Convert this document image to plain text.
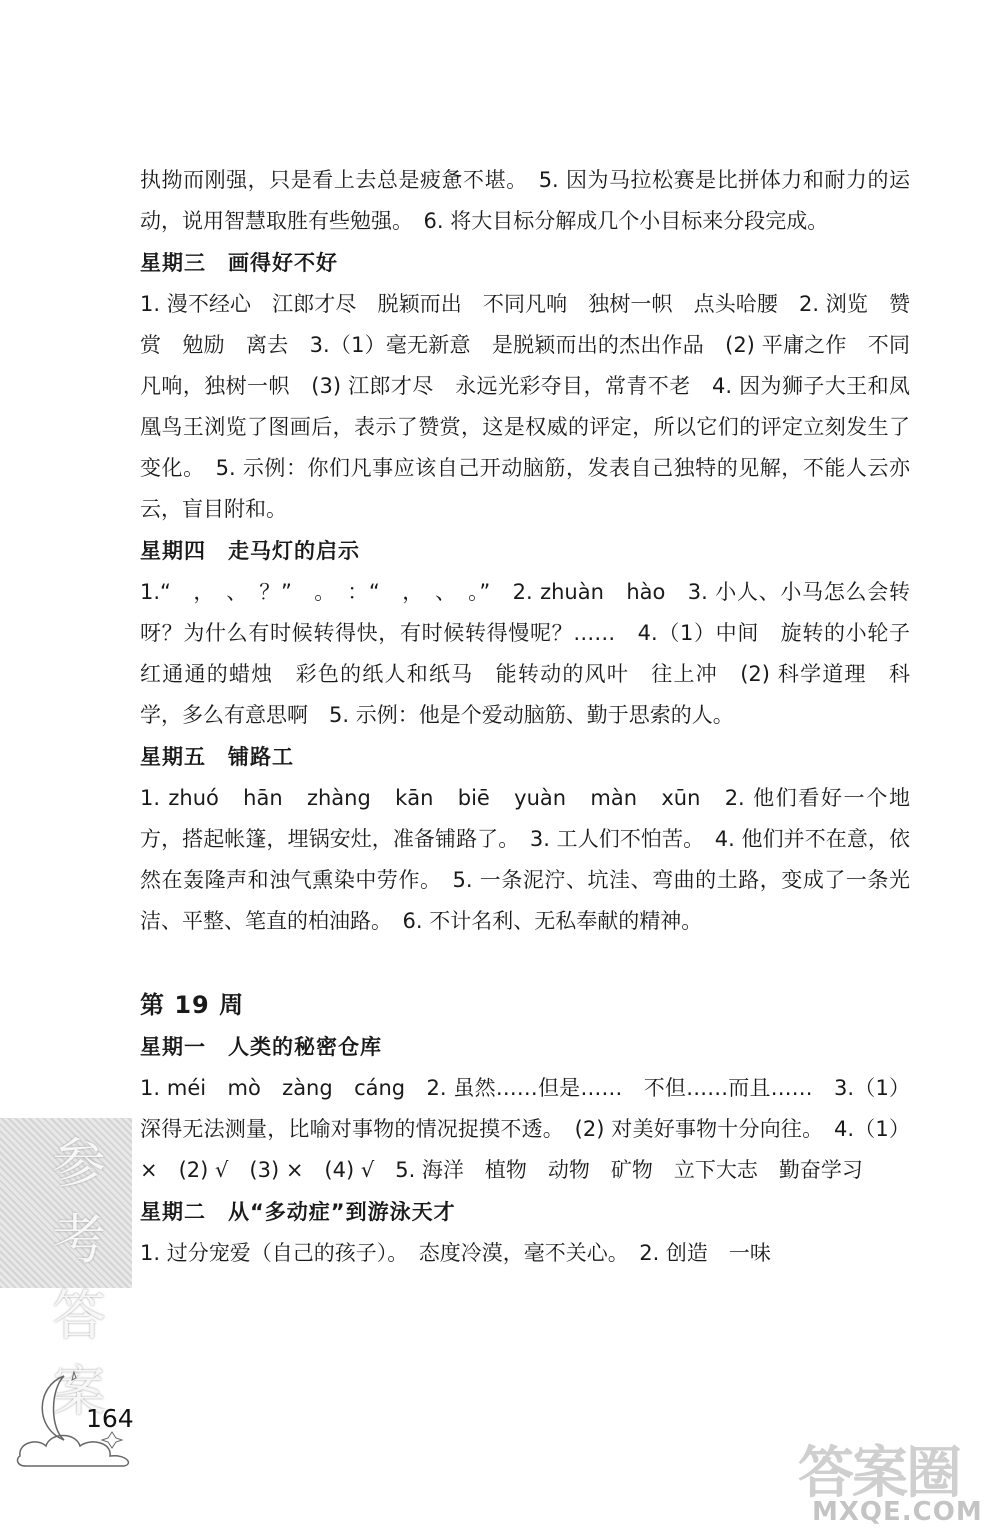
执拗而刚强，只是看上去总是疲惫不堪。　5. 因为马拉松赛是比拼体力和耐力的运动，说用智慧取胜有些勉强。　6. 将大目标分解成几个小目标来分段完成。

星期三　画得好不好

1. 漫不经心　江郎才尽　脱颖而出　不同凡响　独树一帜　点头哈腰　2. 浏览　赞赏　勉励　离去　3.（1）毫无新意　是脱颖而出的杰出作品　(2) 平庸之作　不同凡响，独树一帜　(3) 江郎才尽　永远光彩夺目，常青不老　4. 因为狮子大王和凤凰鸟王浏览了图画后，表示了赞赏，这是权威的评定，所以它们的评定立刻发生了变化。　5. 示例：你们凡事应该自己开动脑筋，发表自己独特的见解，不能人云亦云，盲目附和。

星期四　走马灯的启示

1.“　，　、　？”　。　：“　，　、　。”　2. zhuàn　hào　3. 小人、小马怎么会转呀？为什么有时候转得快，有时候转得慢呢？……　4.（1）中间　旋转的小轮子　红通通的蜡烛　彩色的纸人和纸马　能转动的风叶　往上冲　(2) 科学道理　科学，多么有意思啊　5. 示例：他是个爱动脑筋、勤于思索的人。

星期五　铺路工

1. zhuó　hān　zhàng　kān　biē　yuàn　màn　xūn　2. 他们看好一个地方，搭起帐篷，埋锅安灶，准备铺路了。　3. 工人们不怕苦。　4. 他们并不在意，依然在轰隆声和浊气熏染中劳作。　5. 一条泥泞、坑洼、弯曲的土路，变成了一条光洁、平整、笔直的柏油路。　6. 不计名利、无私奉献的精神。

第 19 周

星期一　人类的秘密仓库

1. méi　mò　zàng　cáng　2. 虽然……但是……　不但……而且……　3.（1）深得无法测量，比喻对事物的情况捉摸不透。　(2) 对美好事物十分向往。　4.（1）×　(2) √　(3) ×　(4) √　5. 海洋　植物　动物　矿物　立下大志　勤奋学习

星期二　从“多动症”到游泳天才

1. 过分宠爱（自己的孩子）。　态度冷漠，毫不关心。　2. 创造　一味

参考答案
164
答案圈
MXQE.COM
